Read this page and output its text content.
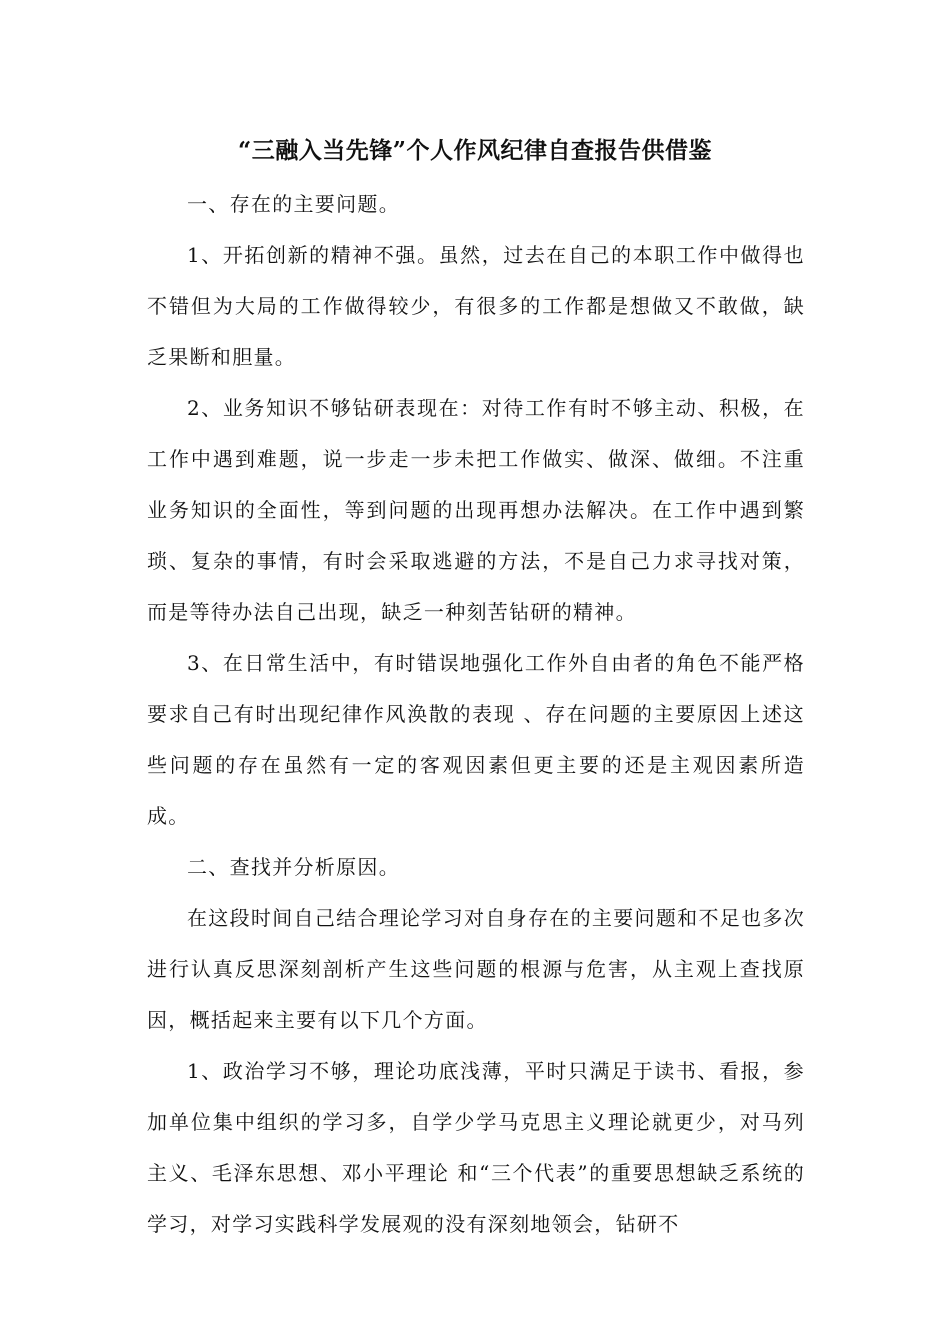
“三融入当先锋”个人作风纪律自查报告供借鉴

一、存在的主要问题。

1、开拓创新的精神不强。虽然，过去在自己的本职工作中做得也不错但为大局的工作做得较少，有很多的工作都是想做又不敢做，缺乏果断和胆量。

2、业务知识不够钻研表现在：对待工作有时不够主动、积极，在工作中遇到难题，说一步走一步未把工作做实、做深、做细。不注重业务知识的全面性，等到问题的出现再想办法解决。在工作中遇到繁琐、复杂的事情，有时会采取逃避的方法，不是自己力求寻找对策，而是等待办法自己出现，缺乏一种刻苦钻研的精神。

3、在日常生活中，有时错误地强化工作外自由者的角色不能严格要求自己有时出现纪律作风涣散的表现 、存在问题的主要原因上述这些问题的存在虽然有一定的客观因素但更主要的还是主观因素所造成。

二、查找并分析原因。

在这段时间自己结合理论学习对自身存在的主要问题和不足也多次进行认真反思深刻剖析产生这些问题的根源与危害，从主观上查找原因，概括起来主要有以下几个方面。

1、政治学习不够，理论功底浅薄，平时只满足于读书、看报，参加单位集中组织的学习多，自学少学马克思主义理论就更少，对马列主义、毛泽东思想、邓小平理论 和“三个代表”的重要思想缺乏系统的学习，对学习实践科学发展观的没有深刻地领会，钻研不
